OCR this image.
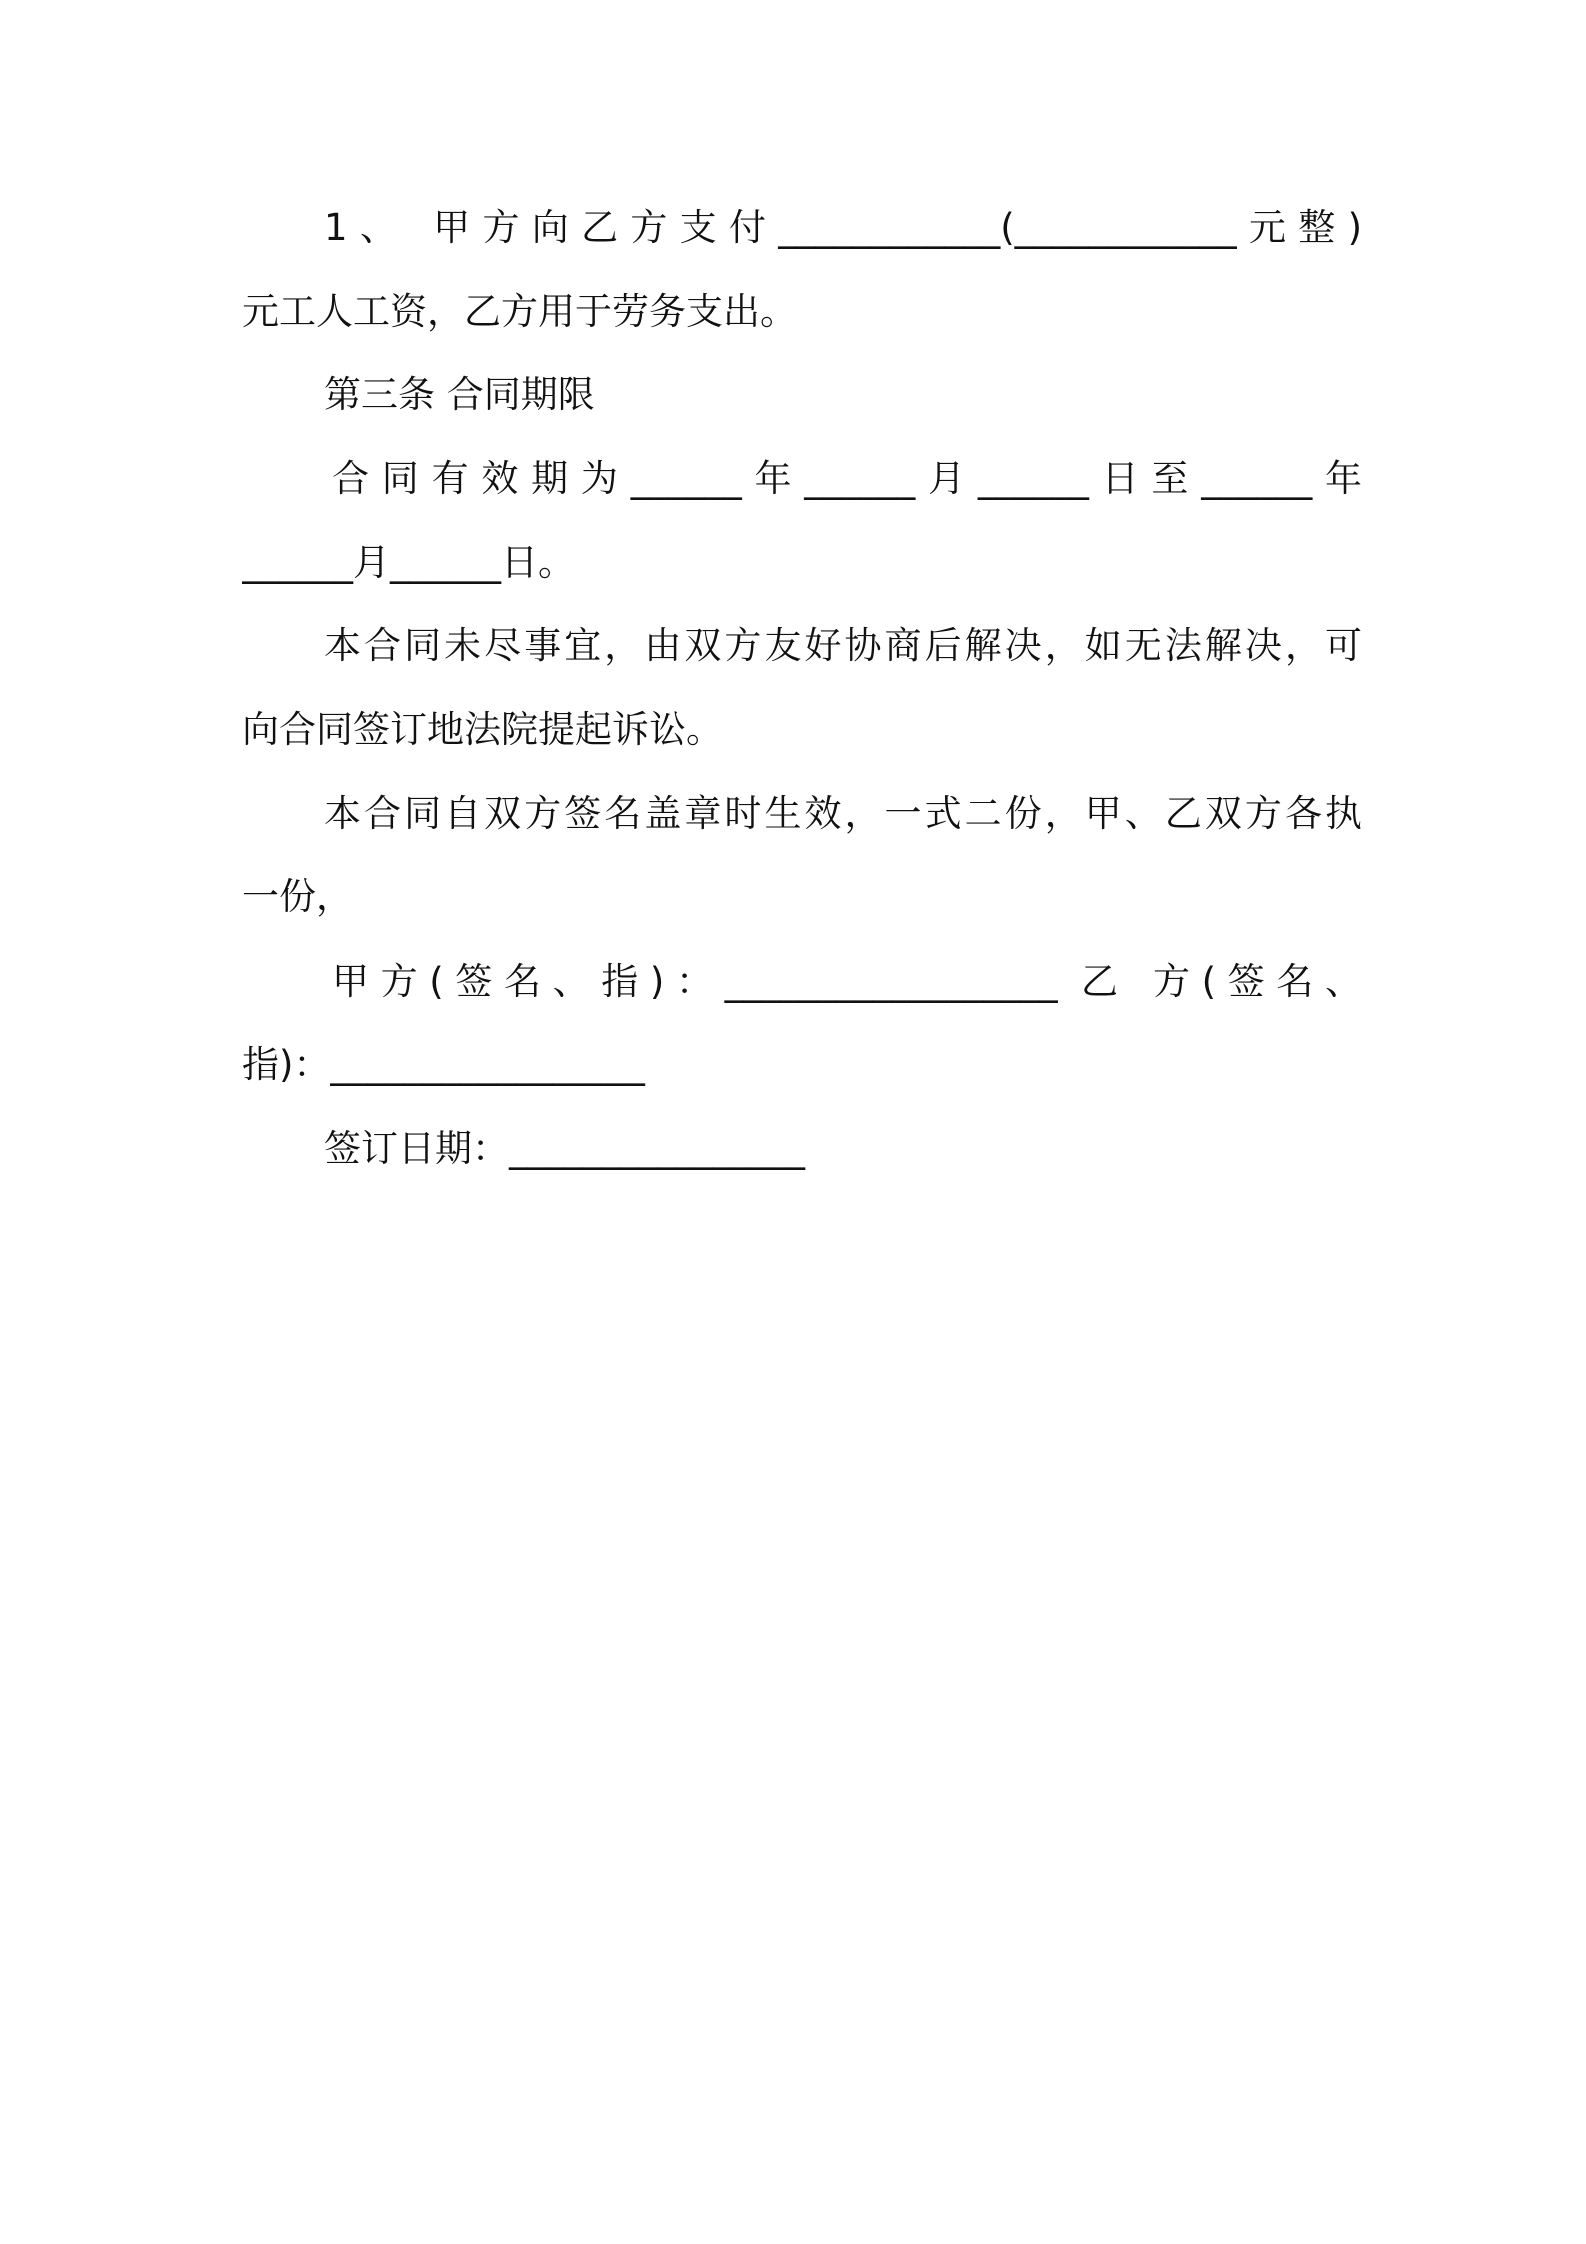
1、 甲方向乙方支付____________(____________元整)
元工人工资，乙方用于劳务支出。
第三条 合同期限
合同有效期为______年______月______日至______年
______月______日。
本合同未尽事宜，由双方友好协商后解决，如无法解决，可
向合同签订地法院提起诉讼。
本合同自双方签名盖章时生效，一式二份，甲、乙双方各执
一份，
甲方(签名、指)：__________________ 乙 方(签名、
指)：_________________
签订日期：________________
